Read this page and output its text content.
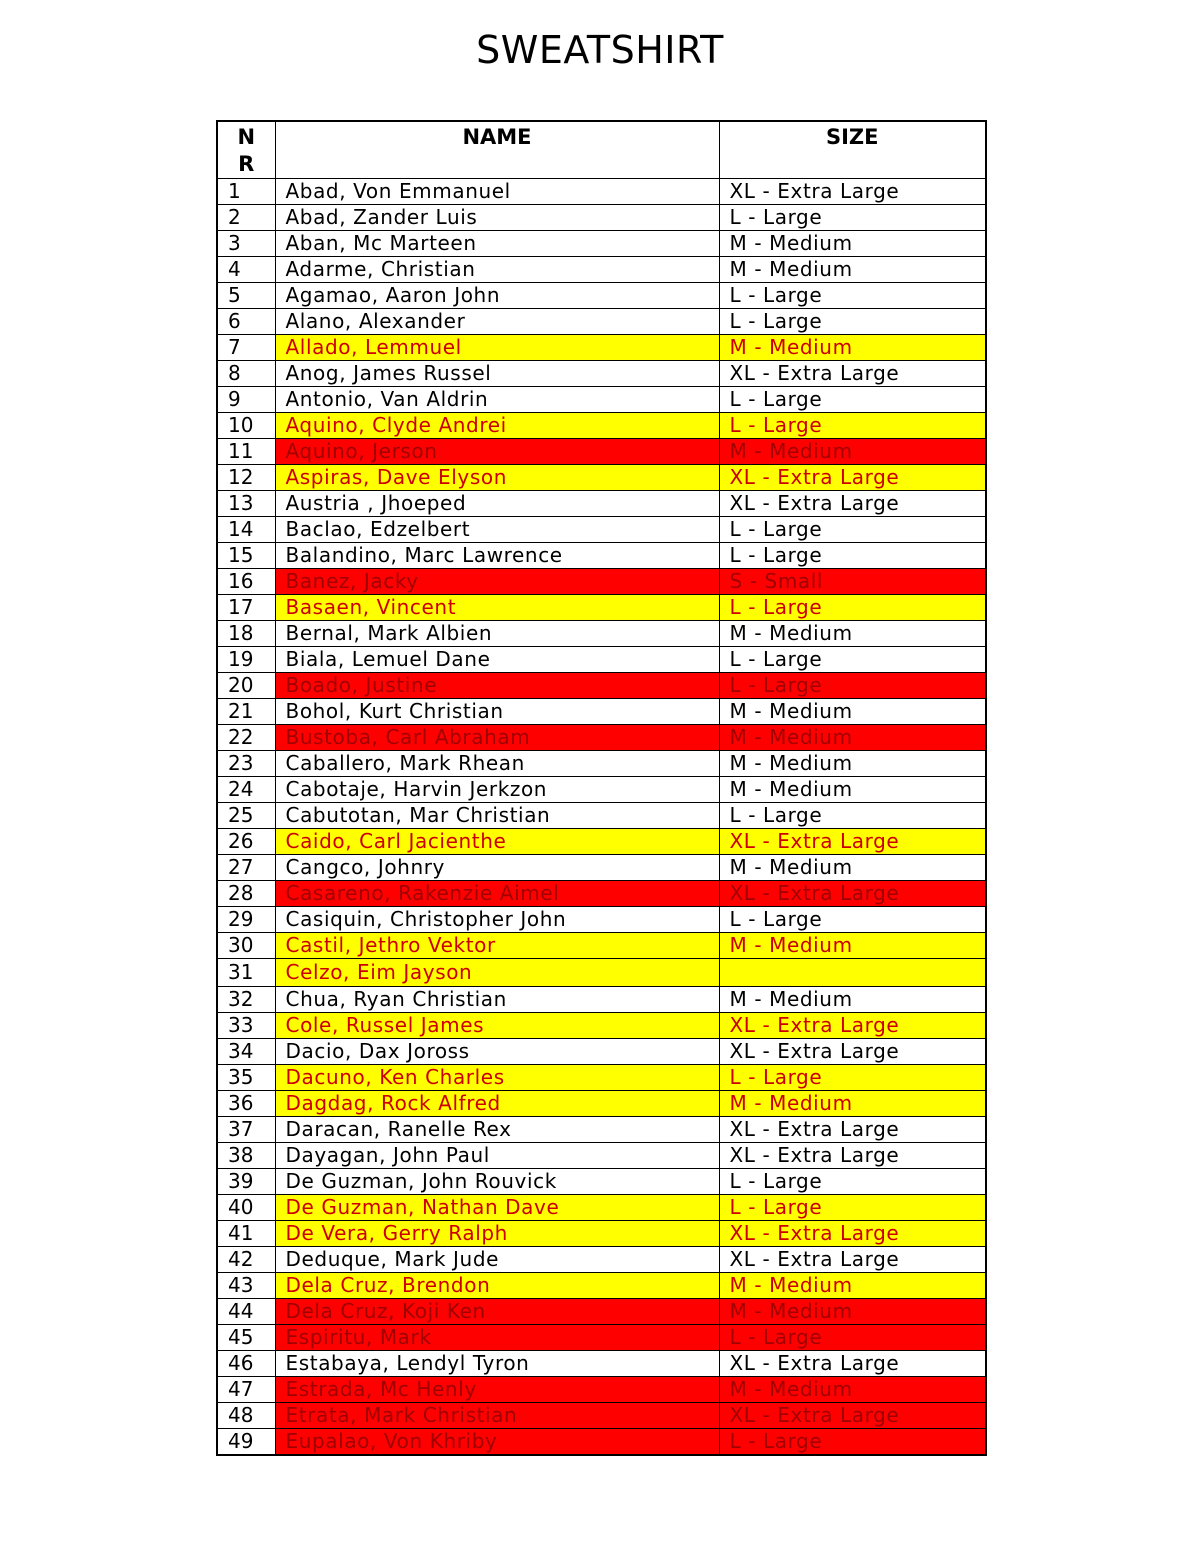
SWEATSHIRT
N
R	NAME	SIZE
1	Abad, Von Emmanuel	XL - Extra Large
2	Abad, Zander Luis	L - Large
3	Aban, Mc Marteen	M - Medium
4	Adarme, Christian	M - Medium
5	Agamao, Aaron John	L - Large
6	Alano, Alexander	L - Large
7	Allado, Lemmuel	M - Medium
8	Anog, James Russel	XL - Extra Large
9	Antonio, Van Aldrin	L - Large
10	Aquino, Clyde Andrei	L - Large
11	Aquino, Jerson	M - Medium
12	Aspiras, Dave Elyson	XL - Extra Large
13	Austria , Jhoeped	XL - Extra Large
14	Baclao, Edzelbert	L - Large
15	Balandino, Marc Lawrence	L - Large
16	Banez, Jacky	S - Small
17	Basaen, Vincent	L - Large
18	Bernal, Mark Albien	M - Medium
19	Biala, Lemuel Dane	L - Large
20	Boado, Justine	L - Large
21	Bohol, Kurt Christian	M - Medium
22	Bustoba, Carl Abraham	M - Medium
23	Caballero, Mark Rhean	M - Medium
24	Cabotaje, Harvin Jerkzon	M - Medium
25	Cabutotan, Mar Christian	L - Large
26	Caido, Carl Jacienthe	XL - Extra Large
27	Cangco, Johnry	M - Medium
28	Casareno, Rakenzie Aimel	XL - Extra Large
29	Casiquin, Christopher John	L - Large
30	Castil, Jethro Vektor	M - Medium
31	Celzo, Eim Jayson	
32	Chua, Ryan Christian	M - Medium
33	Cole, Russel James	XL - Extra Large
34	Dacio, Dax Joross	XL - Extra Large
35	Dacuno, Ken Charles	L - Large
36	Dagdag, Rock Alfred	M - Medium
37	Daracan, Ranelle Rex	XL - Extra Large
38	Dayagan, John Paul	XL - Extra Large
39	De Guzman, John Rouvick	L - Large
40	De Guzman, Nathan Dave	L - Large
41	De Vera, Gerry Ralph	XL - Extra Large
42	Deduque, Mark Jude	XL - Extra Large
43	Dela Cruz, Brendon	M - Medium
44	Dela Cruz, Koji Ken	M - Medium
45	Espiritu, Mark	L - Large
46	Estabaya, Lendyl Tyron	XL - Extra Large
47	Estrada, Mc Henly	M - Medium
48	Etrata, Mark Christian	XL - Extra Large
49	Eupalao, Von Khriby	L - Large
